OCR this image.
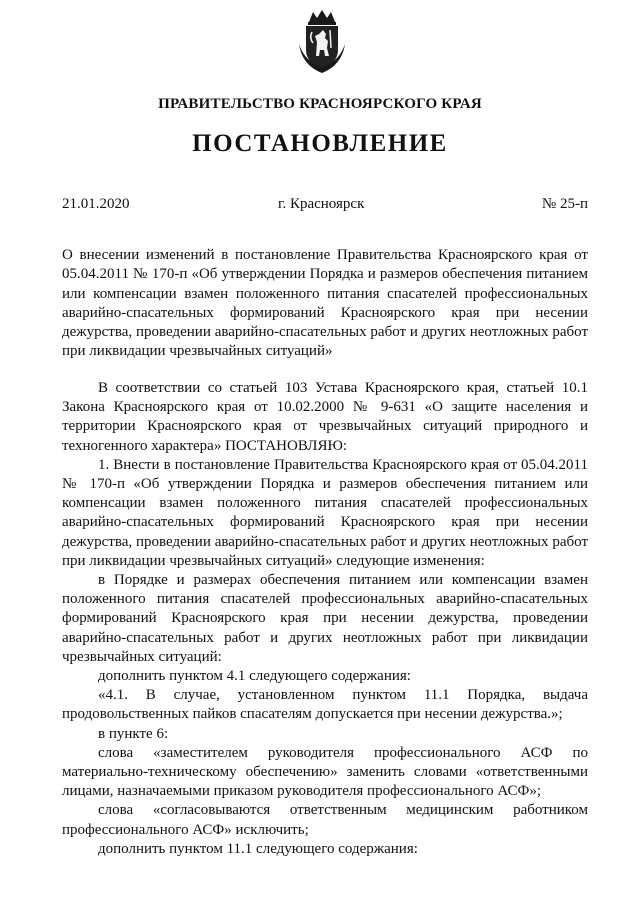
ПРАВИТЕЛЬСТВО КРАСНОЯРСКОГО КРАЯ
ПОСТАНОВЛЕНИЕ
21.01.2020	г. Красноярск	№ 25-п
О внесении изменений в постановление Правительства Красноярского края от 05.04.2011 № 170-п «Об утверждении Порядка и размеров обеспечения питанием или компенсации взамен положенного питания спасателей профессиональных аварийно-спасательных формирований Красноярского края при несении дежурства, проведении аварийно-спасательных работ и других неотложных работ при ликвидации чрезвычайных ситуаций»

В соответствии со статьей 103 Устава Красноярского края, статьей 10.1 Закона Красноярского края от 10.02.2000 № 9-631 «О защите населения и территории Красноярского края от чрезвычайных ситуаций природного и техногенного характера» ПОСТАНОВЛЯЮ:

1. Внести в постановление Правительства Красноярского края от 05.04.2011 № 170-п «Об утверждении Порядка и размеров обеспечения питанием или компенсации взамен положенного питания спасателей профессиональных аварийно-спасательных формирований Красноярского края при несении дежурства, проведении аварийно-спасательных работ и других неотложных работ при ликвидации чрезвычайных ситуаций» следующие изменения:

в Порядке и размерах обеспечения питанием или компенсации взамен положенного питания спасателей профессиональных аварийно-спасательных формирований Красноярского края при несении дежурства, проведении аварийно-спасательных работ и других неотложных работ при ликвидации чрезвычайных ситуаций:

дополнить пунктом 4.1 следующего содержания:

«4.1. В случае, установленном пунктом 11.1 Порядка, выдача продовольственных пайков спасателям допускается при несении дежурства.»;

в пункте 6:

слова «заместителем руководителя профессионального АСФ по материально-техническому обеспечению» заменить словами «ответственными лицами, назначаемыми приказом руководителя профессионального АСФ»;

слова «согласовываются ответственным медицинским работником профессионального АСФ» исключить;

дополнить пунктом 11.1 следующего содержания:
